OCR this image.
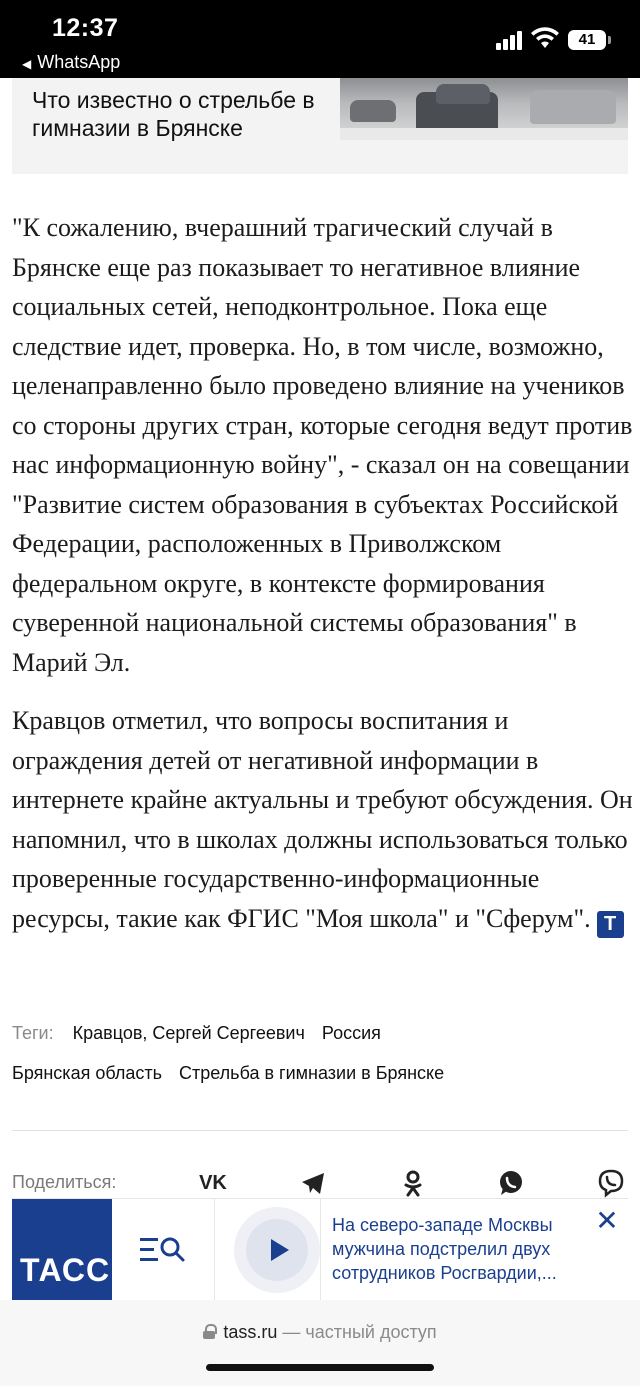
12:37
◀ WhatsApp
41
Что известно о стрельбе в гимназии в Брянске

"К сожалению, вчерашний трагический случай в Брянске еще раз показывает то негативное влияние социальных сетей, неподконтрольное. Пока еще следствие идет, проверка. Но, в том числе, возможно, целенаправленно было проведено влияние на учеников со стороны других стран, которые сегодня ведут против нас информационную войну", - сказал он на совещании "Развитие систем образования в субъектах Российской Федерации, расположенных в Приволжском федеральном округе, в контексте формирования суверенной национальной системы образования" в Марий Эл.

Кравцов отметил, что вопросы воспитания и ограждения детей от негативной информации в интернете крайне актуальны и требуют обсуждения. Он напомнил, что в школах должны использоваться только проверенные государственно-информационные ресурсы, такие как ФГИС "Моя школа" и "Сферум". Т

Теги: Кравцов, Сергей Сергеевич Россия
Брянская область Стрельба в гимназии в Брянске
Поделиться:	VK
ТАСС
На северо-западе Москвы мужчина подстрелил двух сотрудников Росгвардии,...
✕
tass.ru — частный доступ
